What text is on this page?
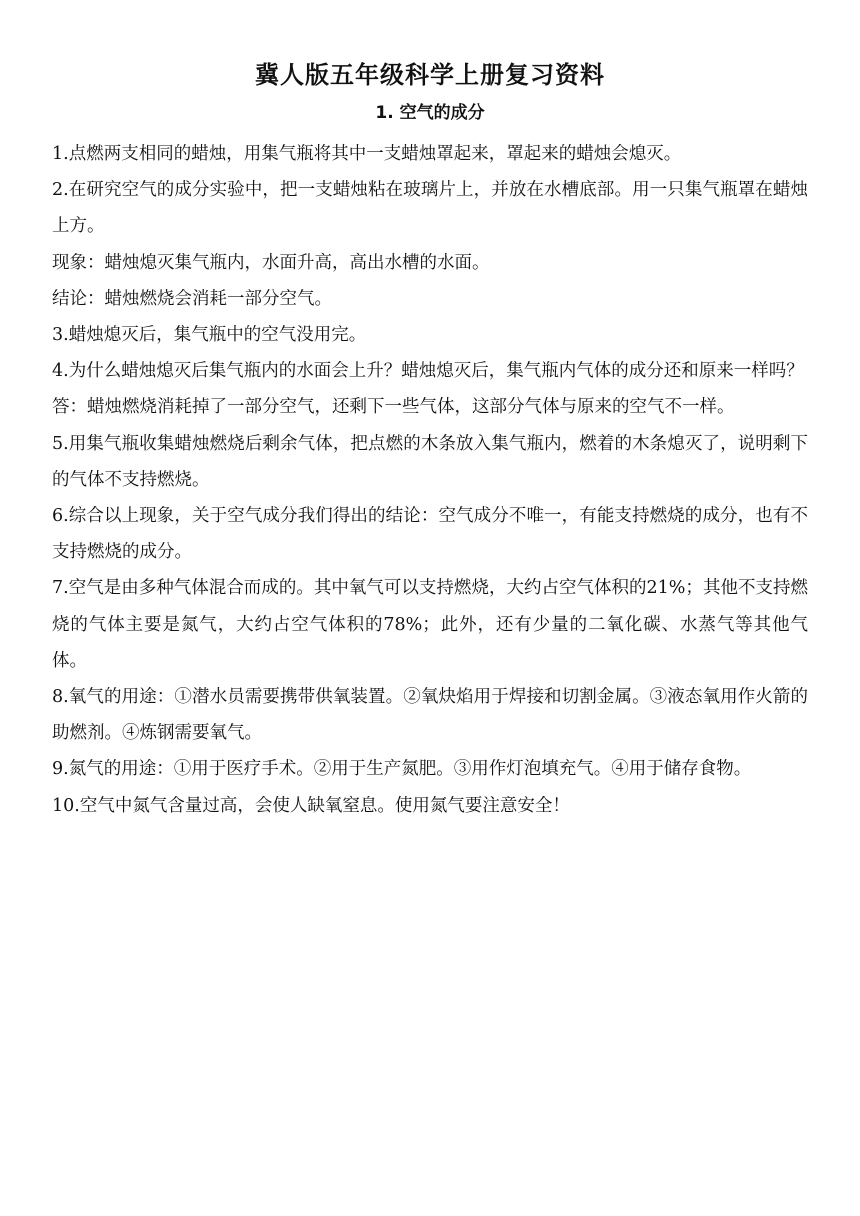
冀人版五年级科学上册复习资料
1. 空气的成分

1.点燃两支相同的蜡烛，用集气瓶将其中一支蜡烛罩起来，罩起来的蜡烛会熄灭。

2.在研究空气的成分实验中，把一支蜡烛粘在玻璃片上，并放在水槽底部。用一只集气瓶罩在蜡烛上方。

现象：蜡烛熄灭集气瓶内，水面升高，高出水槽的水面。

结论：蜡烛燃烧会消耗一部分空气。

3.蜡烛熄灭后，集气瓶中的空气没用完。

4.为什么蜡烛熄灭后集气瓶内的水面会上升？蜡烛熄灭后，集气瓶内气体的成分还和原来一样吗？

答：蜡烛燃烧消耗掉了一部分空气，还剩下一些气体，这部分气体与原来的空气不一样。

5.用集气瓶收集蜡烛燃烧后剩余气体，把点燃的木条放入集气瓶内，燃着的木条熄灭了，说明剩下的气体不支持燃烧。

6.综合以上现象，关于空气成分我们得出的结论：空气成分不唯一，有能支持燃烧的成分，也有不支持燃烧的成分。

7.空气是由多种气体混合而成的。其中氧气可以支持燃烧，大约占空气体积的21%；其他不支持燃烧的气体主要是氮气，大约占空气体积的78%；此外，还有少量的二氧化碳、水蒸气等其他气体。

8.氧气的用途：①潜水员需要携带供氧装置。②氧炔焰用于焊接和切割金属。③液态氧用作火箭的助燃剂。④炼钢需要氧气。

9.氮气的用途：①用于医疗手术。②用于生产氮肥。③用作灯泡填充气。④用于储存食物。

10.空气中氮气含量过高，会使人缺氧窒息。使用氮气要注意安全！
